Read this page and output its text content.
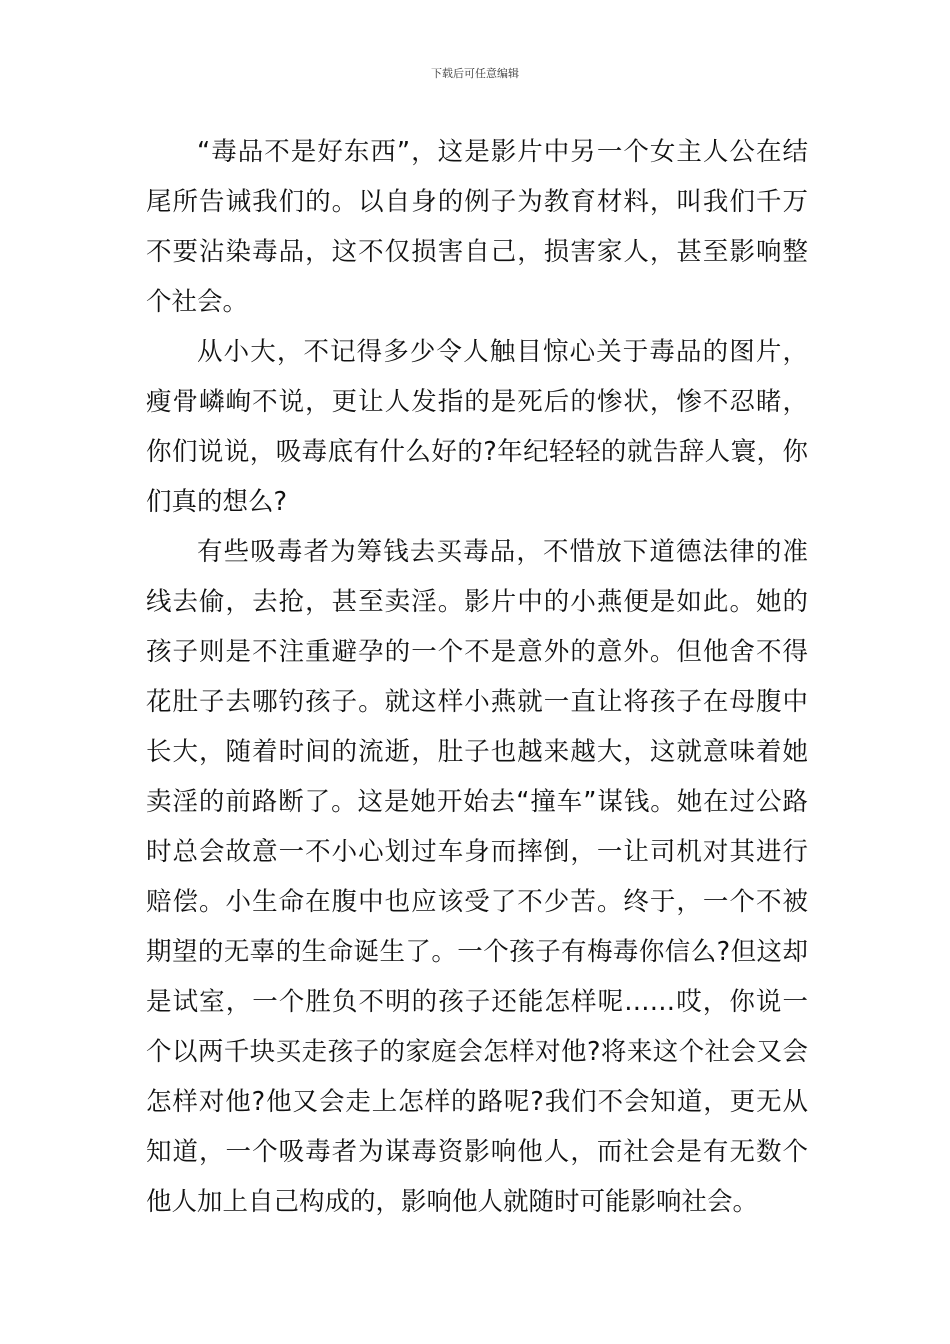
下载后可任意编辑

“毒品不是好东西”，这是影片中另一个女主人公在结尾所告诫我们的。以自身的例子为教育材料，叫我们千万不要沾染毒品，这不仅损害自己，损害家人，甚至影响整个社会。

从小大，不记得多少令人触目惊心关于毒品的图片，瘦骨嶙峋不说，更让人发指的是死后的惨状，惨不忍睹，你们说说，吸毒底有什么好的?年纪轻轻的就告辞人寰，你们真的想么?

有些吸毒者为筹钱去买毒品，不惜放下道德法律的准线去偷，去抢，甚至卖淫。影片中的小燕便是如此。她的孩子则是不注重避孕的一个不是意外的意外。但他舍不得花肚子去哪钓孩子。就这样小燕就一直让将孩子在母腹中长大，随着时间的流逝，肚子也越来越大，这就意味着她卖淫的前路断了。这是她开始去“撞车”谋钱。她在过公路时总会故意一不小心划过车身而摔倒，一让司机对其进行赔偿。小生命在腹中也应该受了不少苦。终于，一个不被期望的无辜的生命诞生了。一个孩子有梅毒你信么?但这却是试室，一个胜负不明的孩子还能怎样呢……哎，你说一个以两千块买走孩子的家庭会怎样对他?将来这个社会又会怎样对他?他又会走上怎样的路呢?我们不会知道，更无从知道，一个吸毒者为谋毒资影响他人，而社会是有无数个他人加上自己构成的，影响他人就随时可能影响社会。
